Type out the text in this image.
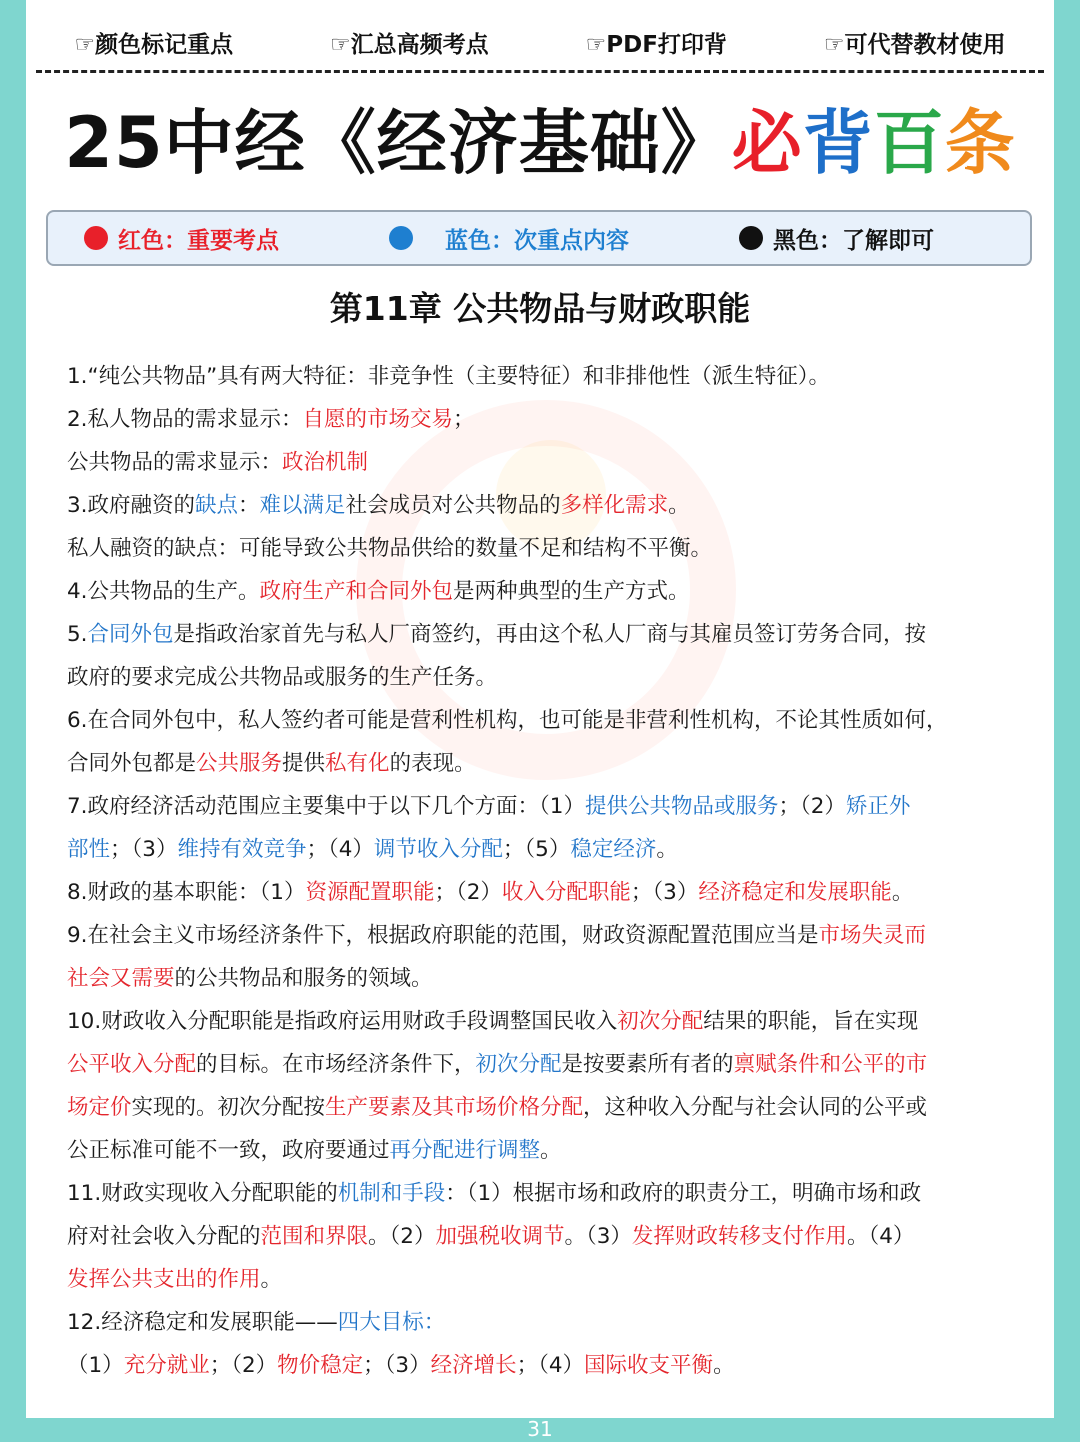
☞颜色标记重点	☞汇总高频考点	☞PDF打印背	☞可代替教材使用
25中经《经济基础》必背百条
红色：重要考点	蓝色：次重点内容	黑色：了解即可
第11章 公共物品与财政职能
1.“纯公共物品”具有两大特征：非竞争性（主要特征）和非排他性（派生特征）。
2.私人物品的需求显示：自愿的市场交易；
公共物品的需求显示：政治机制
3.政府融资的缺点：难以满足社会成员对公共物品的多样化需求。
私人融资的缺点：可能导致公共物品供给的数量不足和结构不平衡。
4.公共物品的生产。政府生产和合同外包是两种典型的生产方式。
5.合同外包是指政治家首先与私人厂商签约，再由这个私人厂商与其雇员签订劳务合同，按
政府的要求完成公共物品或服务的生产任务。
6.在合同外包中，私人签约者可能是营利性机构，也可能是非营利性机构，不论其性质如何，
合同外包都是公共服务提供私有化的表现。
7.政府经济活动范围应主要集中于以下几个方面：（1）提供公共物品或服务；（2）矫正外
部性；（3）维持有效竞争；（4）调节收入分配；（5）稳定经济。
8.财政的基本职能：（1）资源配置职能；（2）收入分配职能；（3）经济稳定和发展职能。
9.在社会主义市场经济条件下，根据政府职能的范围，财政资源配置范围应当是市场失灵而
社会又需要的公共物品和服务的领域。
10.财政收入分配职能是指政府运用财政手段调整国民收入初次分配结果的职能，旨在实现
公平收入分配的目标。在市场经济条件下，初次分配是按要素所有者的禀赋条件和公平的市
场定价实现的。初次分配按生产要素及其市场价格分配，这种收入分配与社会认同的公平或
公正标准可能不一致，政府要通过再分配进行调整。
11.财政实现收入分配职能的机制和手段：（1）根据市场和政府的职责分工，明确市场和政
府对社会收入分配的范围和界限。（2）加强税收调节。（3）发挥财政转移支付作用。（4）
发挥公共支出的作用。
12.经济稳定和发展职能——四大目标：
（1）充分就业；（2）物价稳定；（3）经济增长；（4）国际收支平衡。
31
